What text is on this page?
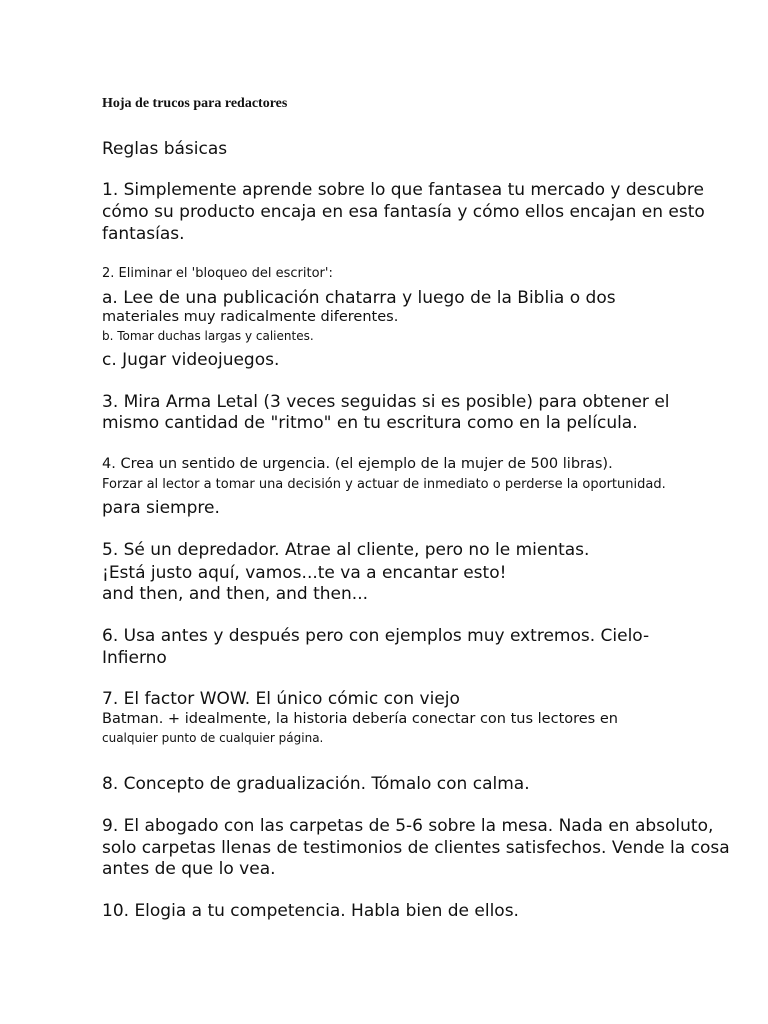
Hoja de trucos para redactores
Reglas básicas
1. Simplemente aprende sobre lo que fantasea tu mercado y descubre
cómo su producto encaja en esa fantasía y cómo ellos encajan en esto
fantasías.
2. Eliminar el 'bloqueo del escritor':
a. Lee de una publicación chatarra y luego de la Biblia o dos
materiales muy radicalmente diferentes.
b. Tomar duchas largas y calientes.
c. Jugar videojuegos.
3. Mira Arma Letal (3 veces seguidas si es posible) para obtener el
mismo cantidad de "ritmo" en tu escritura como en la película.
4. Crea un sentido de urgencia. (el ejemplo de la mujer de 500 libras).
Forzar al lector a tomar una decisión y actuar de inmediato o perderse la oportunidad.
para siempre.
5. Sé un depredador. Atrae al cliente, pero no le mientas.
¡Está justo aquí, vamos...te va a encantar esto!
and then, and then, and then...
6. Usa antes y después pero con ejemplos muy extremos. Cielo-
Infierno
7. El factor WOW. El único cómic con viejo
Batman. + idealmente, la historia debería conectar con tus lectores en
cualquier punto de cualquier página.
8. Concepto de gradualización. Tómalo con calma.
9. El abogado con las carpetas de 5-6 sobre la mesa. Nada en absoluto,
solo carpetas llenas de testimonios de clientes satisfechos. Vende la cosa
antes de que lo vea.
10. Elogia a tu competencia. Habla bien de ellos.
